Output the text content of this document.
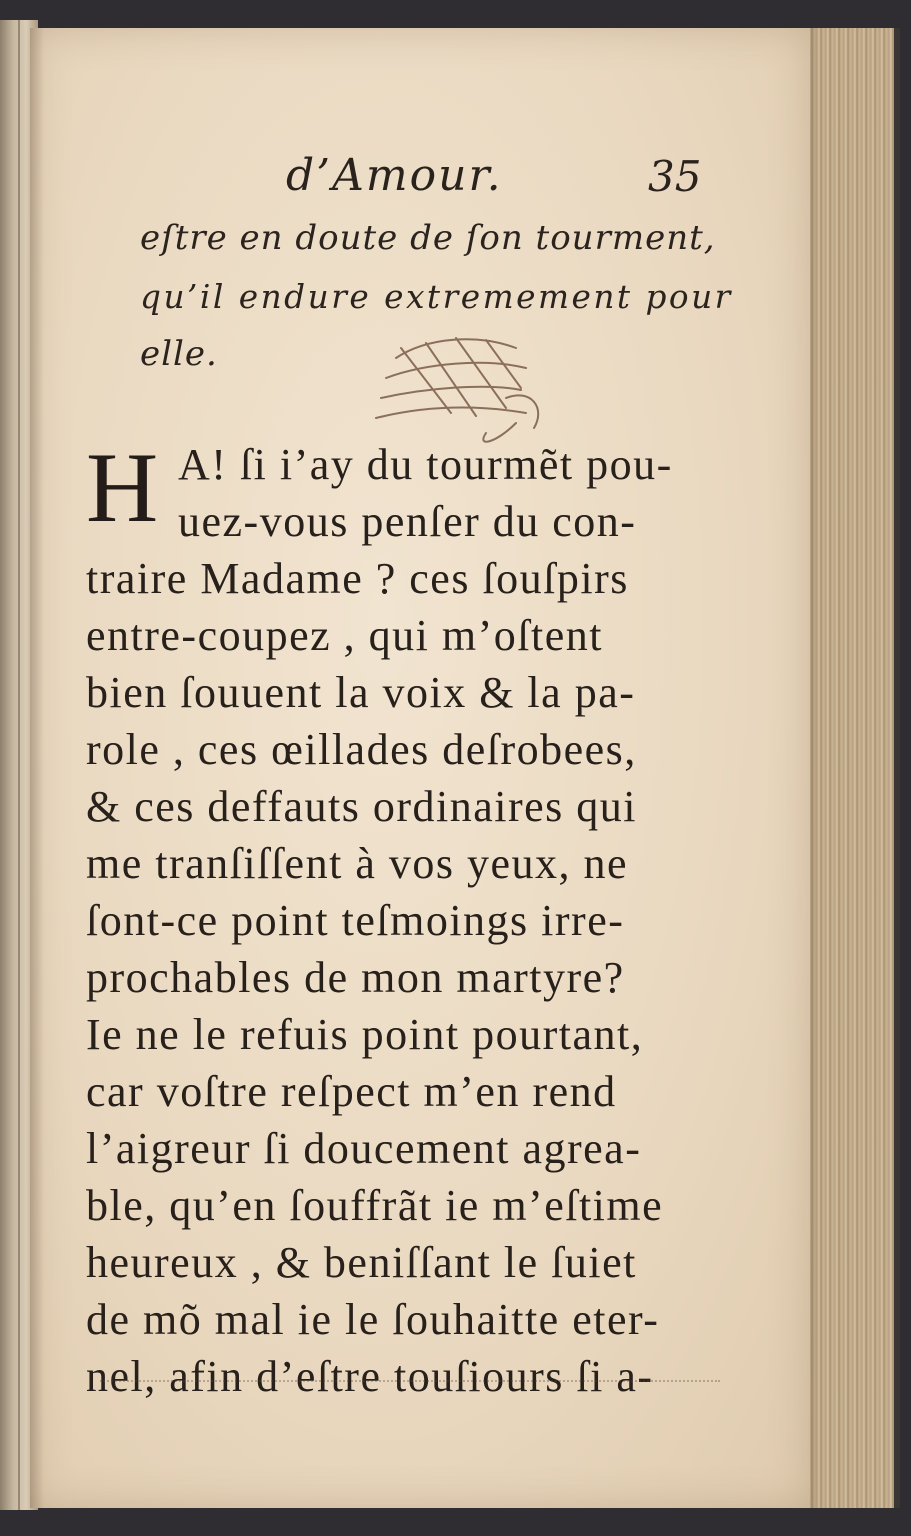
d’Amour.	35
eſtre en doute de ſon tourment,
qu’il endure extremement pour
elle.
H A! ſi i’ay du tourmẽt pou-
uez-vous penſer du con-
traire Madame ? ces ſouſpirs
entre-coupez , qui m’oſtent
bien ſouuent la voix & la pa-
role , ces œillades deſrobees,
& ces deffauts ordinaires qui
me tranſiſſent à vos yeux, ne
ſont-ce point teſmoings irre-
prochables de mon martyre?
Ie ne le refuis point pourtant,
car voſtre reſpect m’en rend
l’aigreur ſi doucement agrea-
ble, qu’en ſouffrãt ie m’eſtime
heureux , & beniſſant le ſuiet
de mõ mal ie le ſouhaitte eter-
nel, afin d’eſtre touſiours ſi a-
